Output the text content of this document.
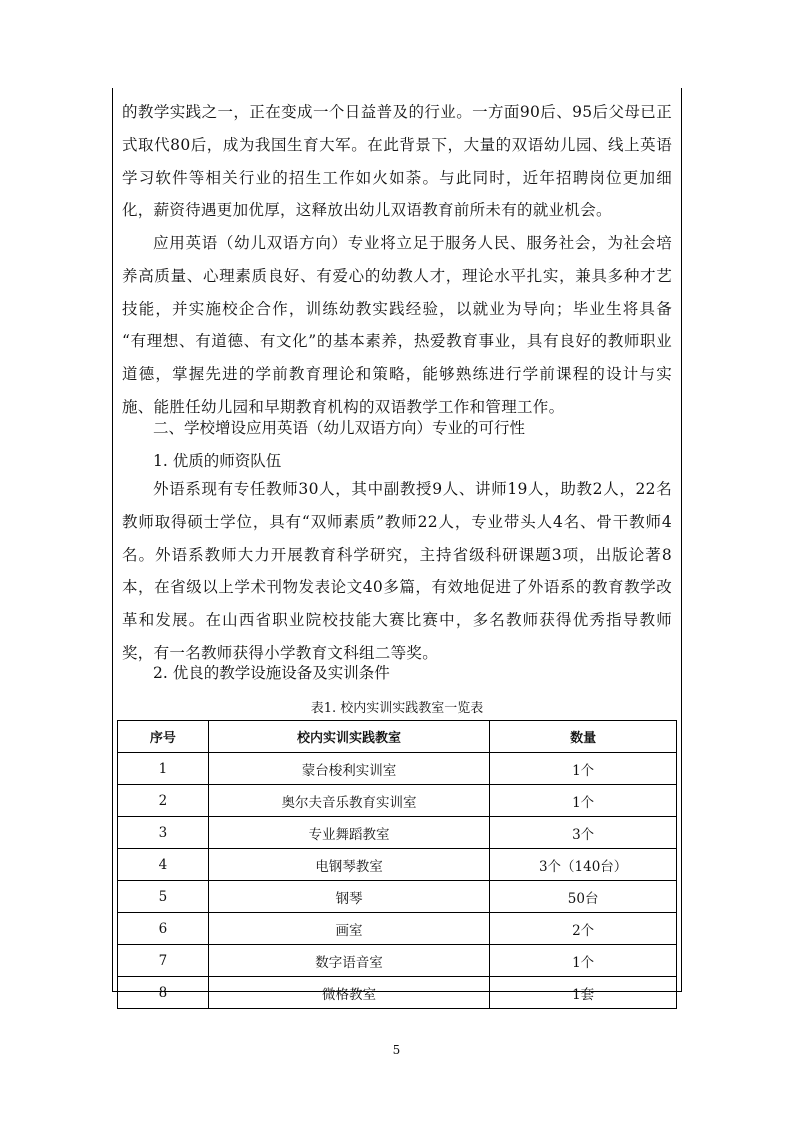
的教学实践之一，正在变成一个日益普及的行业。一方面90后、95后父母已正式取代80后，成为我国生育大军。在此背景下，大量的双语幼儿园、线上英语学习软件等相关行业的招生工作如火如荼。与此同时，近年招聘岗位更加细化，薪资待遇更加优厚，这释放出幼儿双语教育前所未有的就业机会。

应用英语（幼儿双语方向）专业将立足于服务人民、服务社会，为社会培养高质量、心理素质良好、有爱心的幼教人才，理论水平扎实，兼具多种才艺技能，并实施校企合作，训练幼教实践经验，以就业为导向；毕业生将具备 “有理想、有道德、有文化”的基本素养，热爱教育事业，具有良好的教师职业道德，掌握先进的学前教育理论和策略，能够熟练进行学前课程的设计与实施、能胜任幼儿园和早期教育机构的双语教学工作和管理工作。

二、学校增设应用英语（幼儿双语方向）专业的可行性

1. 优质的师资队伍

外语系现有专任教师30人，其中副教授9人、讲师19人，助教2人，22名教师取得硕士学位，具有“双师素质”教师22人，专业带头人4名、骨干教师4名。外语系教师大力开展教育科学研究，主持省级科研课题3项，出版论著8本，在省级以上学术刊物发表论文40多篇，有效地促进了外语系的教育教学改革和发展。在山西省职业院校技能大赛比赛中，多名教师获得优秀指导教师奖，有一名教师获得小学教育文科组二等奖。

2. 优良的教学设施设备及实训条件

表1. 校内实训实践教室一览表
序号	校内实训实践教室	数量
1	蒙台梭利实训室	1个
2	奥尔夫音乐教育实训室	1个
3	专业舞蹈教室	3个
4	电钢琴教室	3个（140台）
5	钢琴	50台
6	画室	2个
7	数字语音室	1个
8	微格教室	1套
5
